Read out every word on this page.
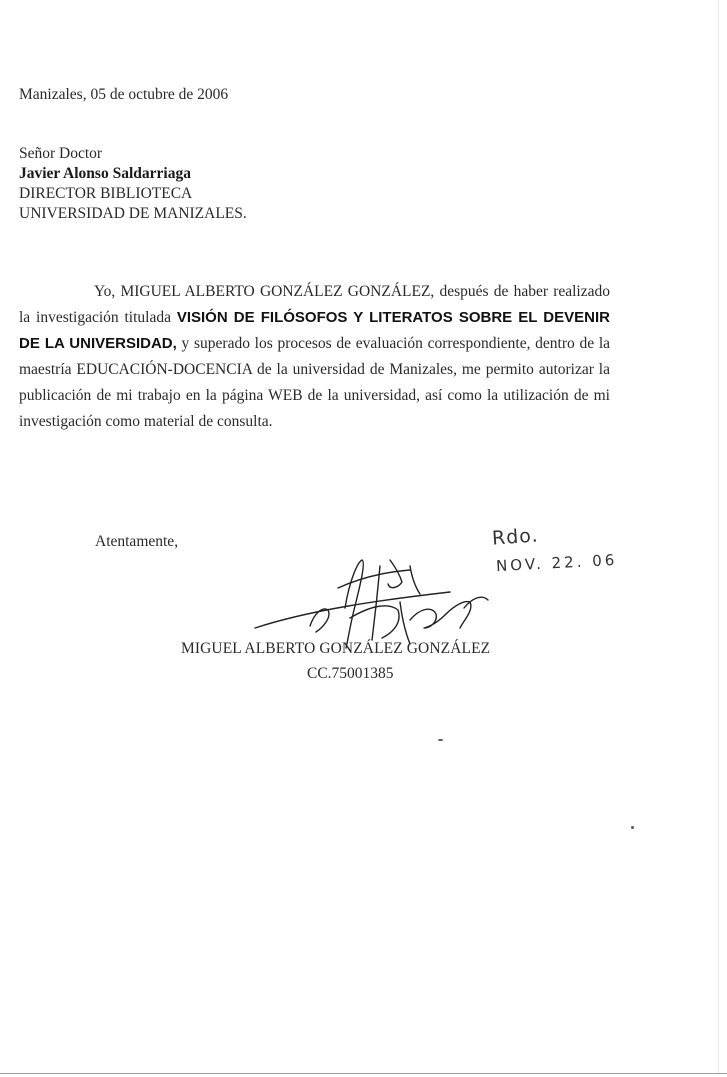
Manizales, 05 de octubre de 2006
Señor Doctor
Javier Alonso Saldarriaga
DIRECTOR BIBLIOTECA
UNIVERSIDAD DE MANIZALES.
Yo, MIGUEL ALBERTO GONZÁLEZ GONZÁLEZ, después de haber realizado la investigación titulada VISIÓN DE FILÓSOFOS Y LITERATOS SOBRE EL DEVENIR DE LA UNIVERSIDAD, y superado los procesos de evaluación correspondiente, dentro de la maestría EDUCACIÓN-DOCENCIA de la universidad de Manizales, me permito autorizar la publicación de mi trabajo en la página WEB de la universidad, así como la utilización de mi investigación como material de consulta.
Atentamente,	Rdo.
NOV. 22. 06
MIGUEL ALBERTO GONZÁLEZ GONZÁLEZ
CC.75001385
